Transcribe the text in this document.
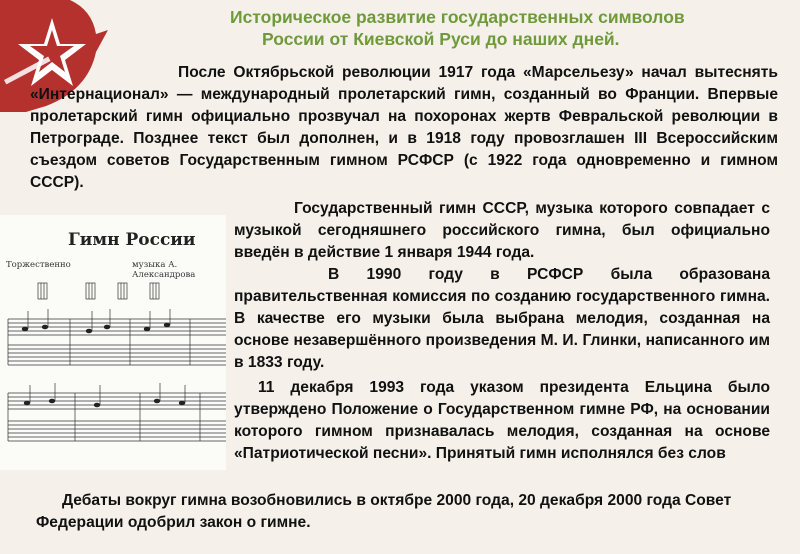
Историческое развитие государственных символов
России от Киевской Руси до наших дней.

После Октябрьской революции 1917 года «Марсельезу» начал вытеснять «Интернационал» — международный пролетарский гимн, созданный во Франции. Впервые пролетарский гимн официально прозвучал на похоронах жертв Февральской революции в Петрограде. Позднее текст был дополнен, и в 1918 году провозглашен III Всероссийским съездом советов Государственным гимном РСФСР (с 1922 года одновременно и гимном СССР).

Государственный гимн СССР, музыка которого совпадает с музыкой сегодняшнего российского гимна, был официально введён в действие 1 января 1944 года.

В 1990 году в РСФСР была образована правительственная комиссия по созданию государственного гимна. В качестве его музыки была выбрана мелодия, созданная на основе незавершённого произведения М. И. Глинки, написанного им в 1833 году.

11 декабря 1993 года указом президента Ельцина было утверждено Положение о Государственном гимне РФ, на основании которого гимном признавалась мелодия, созданная на основе «Патриотической песни». Принятый гимн исполнялся без слов

Дебаты вокруг гимна возобновились в октябре 2000 года, 20 декабря 2000 года Совет Федерации одобрил закон о гимне.

Гимн России
Торжественно	музыка А. Александрова
